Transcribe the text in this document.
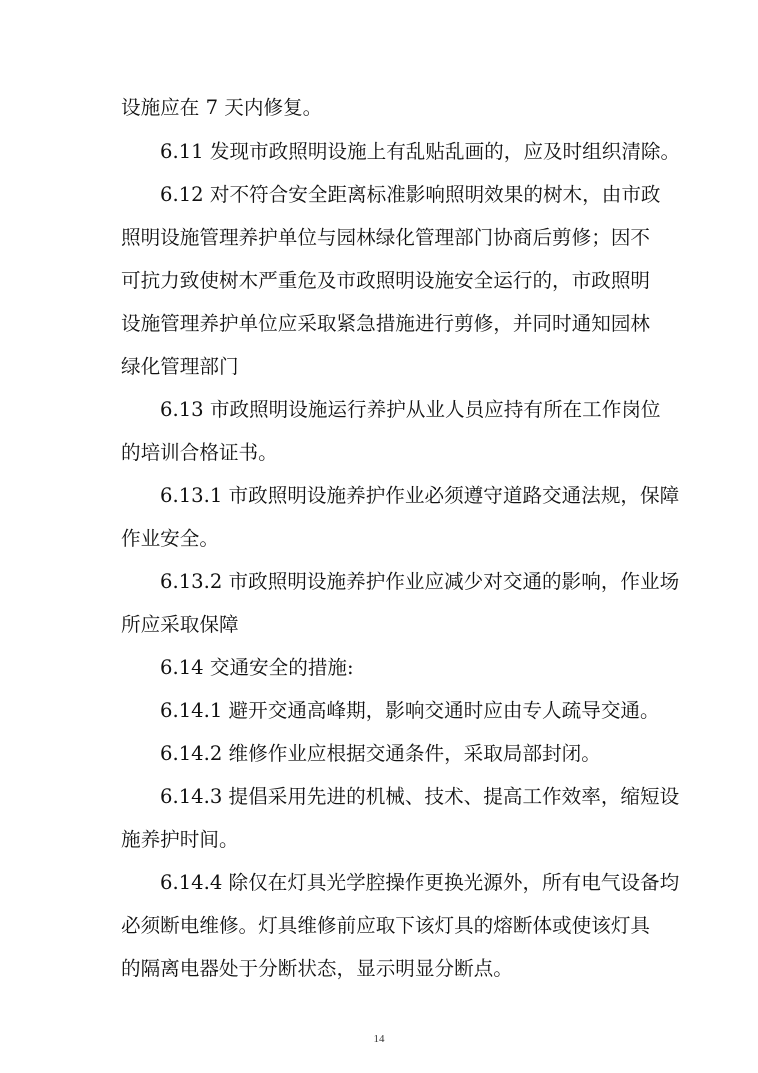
设施应在 7 天内修复。
6.11 发现市政照明设施上有乱贴乱画的，应及时组织清除。
6.12 对不符合安全距离标准影响照明效果的树木，由市政
照明设施管理养护单位与园林绿化管理部门协商后剪修；因不
可抗力致使树木严重危及市政照明设施安全运行的，市政照明
设施管理养护单位应采取紧急措施进行剪修，并同时通知园林
绿化管理部门
6.13 市政照明设施运行养护从业人员应持有所在工作岗位
的培训合格证书。
6.13.1 市政照明设施养护作业必须遵守道路交通法规，保障
作业安全。
6.13.2 市政照明设施养护作业应减少对交通的影响，作业场
所应采取保障
6.14 交通安全的措施:
6.14.1 避开交通高峰期，影响交通时应由专人疏导交通。
6.14.2 维修作业应根据交通条件，采取局部封闭。
6.14.3 提倡采用先进的机械、技术、提高工作效率，缩短设
施养护时间。
6.14.4 除仅在灯具光学腔操作更换光源外，所有电气设备均
必须断电维修。灯具维修前应取下该灯具的熔断体或使该灯具
的隔离电器处于分断状态，显示明显分断点。
14
